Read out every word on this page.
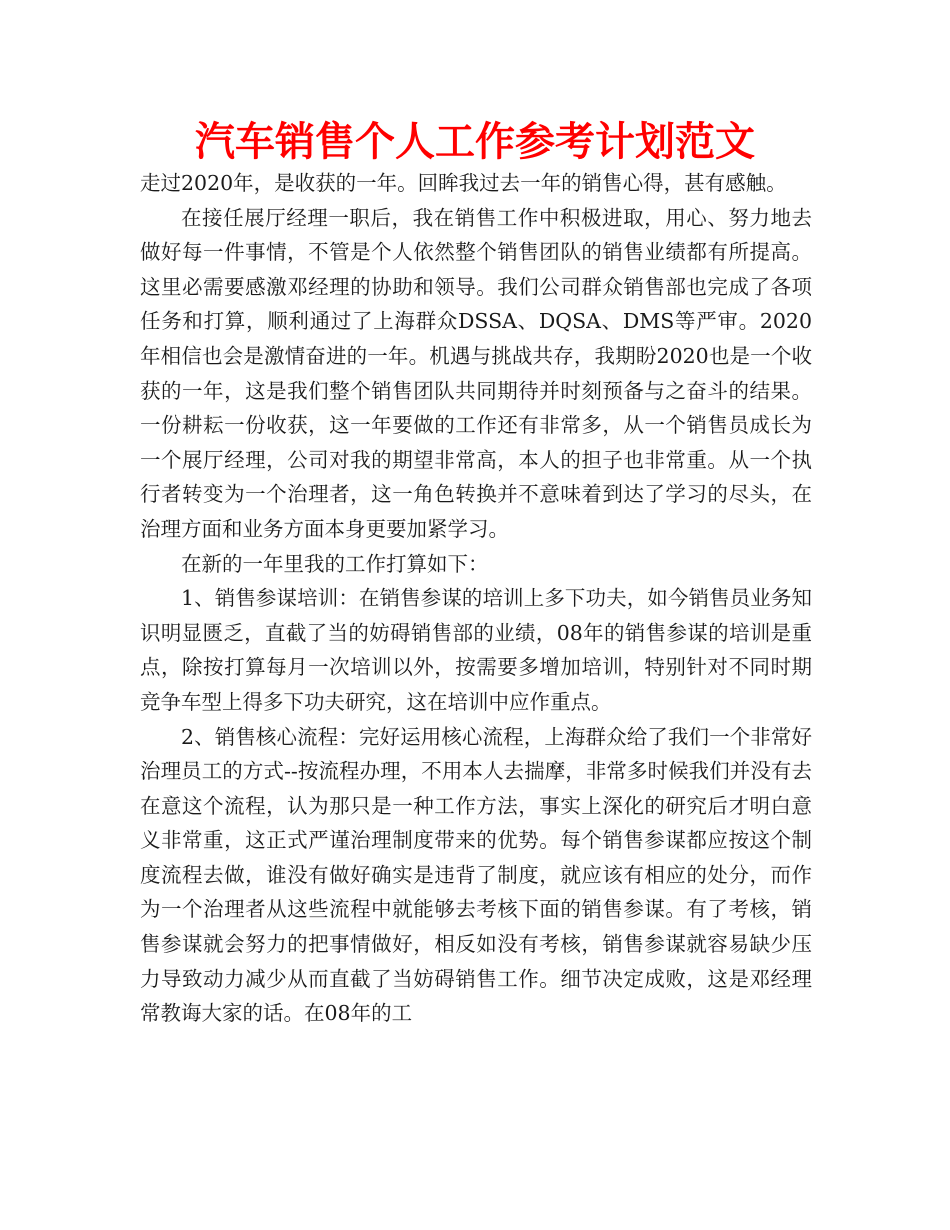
汽车销售个人工作参考计划范文

走过2020年，是收获的一年。回眸我过去一年的销售心得，甚有感触。

在接任展厅经理一职后，我在销售工作中积极进取，用心、努力地去做好每一件事情，不管是个人依然整个销售团队的销售业绩都有所提高。这里必需要感激邓经理的协助和领导。我们公司群众销售部也完成了各项任务和打算，顺利通过了上海群众DSSA、DQSA、DMS等严审。2020年相信也会是激情奋进的一年。机遇与挑战共存，我期盼2020也是一个收获的一年，这是我们整个销售团队共同期待并时刻预备与之奋斗的结果。一份耕耘一份收获，这一年要做的工作还有非常多，从一个销售员成长为一个展厅经理，公司对我的期望非常高，本人的担子也非常重。从一个执行者转变为一个治理者，这一角色转换并不意味着到达了学习的尽头，在治理方面和业务方面本身更要加紧学习。

在新的一年里我的工作打算如下：

1、销售参谋培训：在销售参谋的培训上多下功夫，如今销售员业务知识明显匮乏，直截了当的妨碍销售部的业绩，08年的销售参谋的培训是重点，除按打算每月一次培训以外，按需要多增加培训，特别针对不同时期竞争车型上得多下功夫研究，这在培训中应作重点。

2、销售核心流程：完好运用核心流程，上海群众给了我们一个非常好治理员工的方式--按流程办理，不用本人去揣摩，非常多时候我们并没有去在意这个流程，认为那只是一种工作方法，事实上深化的研究后才明白意义非常重，这正式严谨治理制度带来的优势。每个销售参谋都应按这个制度流程去做，谁没有做好确实是违背了制度，就应该有相应的处分，而作为一个治理者从这些流程中就能够去考核下面的销售参谋。有了考核，销售参谋就会努力的把事情做好，相反如没有考核，销售参谋就容易缺少压力导致动力减少从而直截了当妨碍销售工作。细节决定成败，这是邓经理常教诲大家的话。在08年的工
